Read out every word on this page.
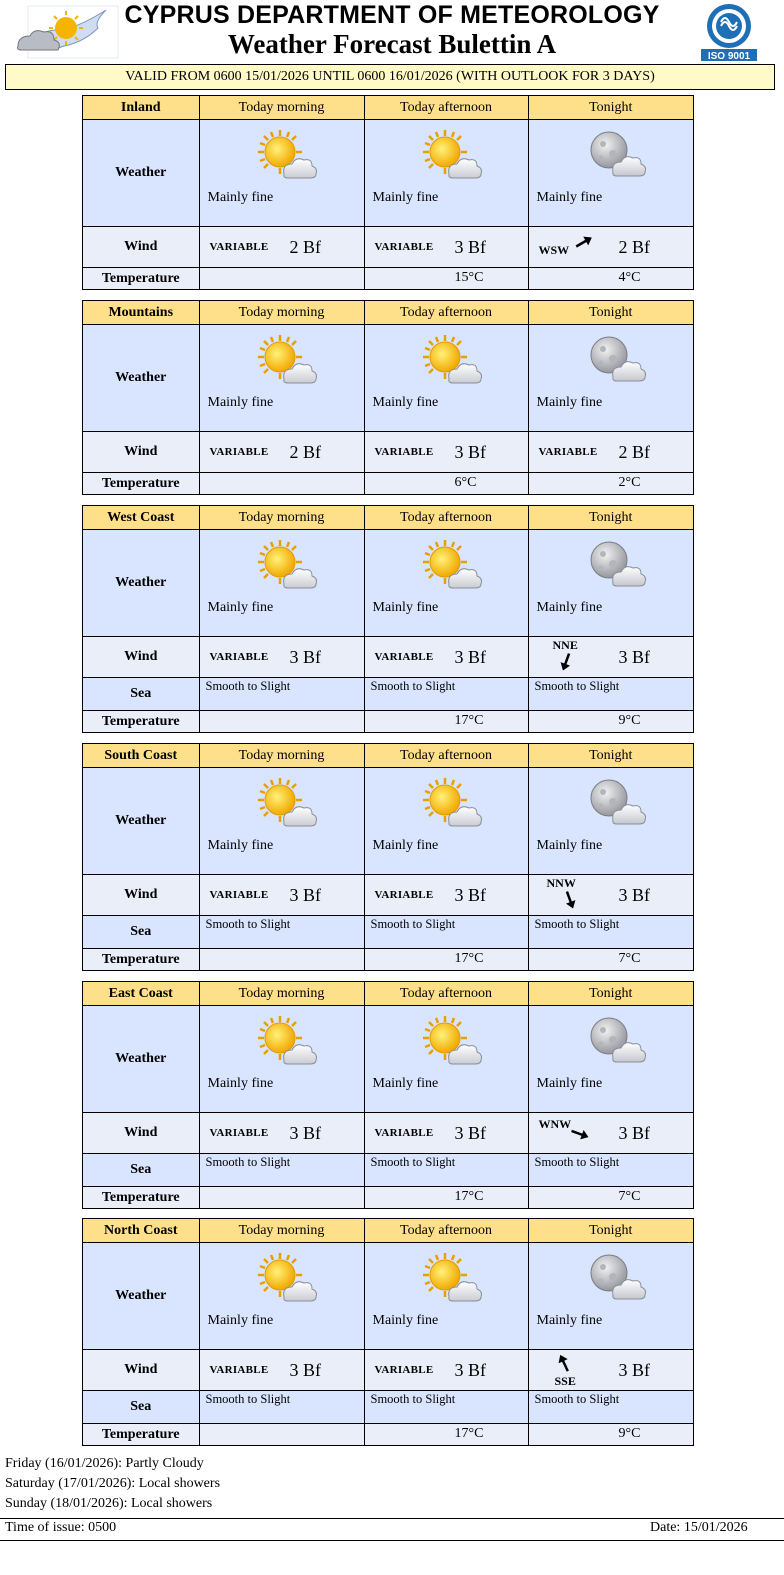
CYPRUS DEPARTMENT OF METEOROLOGY
Weather Forecast Bulettin A	ISO 9001
VALID FROM 0600 15/01/2026 UNTIL 0600 16/01/2026 (WITH OUTLOOK FOR 3 DAYS)
Inland	Today morning	Today afternoon	Tonight
Weather	Mainly fine	Mainly fine	Mainly fine

Wind	VARIABLE 2 Bf	VARIABLE 3 Bf	WSW 2 Bf

Temperature		15°C	4°C
Mountains	Today morning	Today afternoon	Tonight
Weather	Mainly fine	Mainly fine	Mainly fine

Wind	VARIABLE 2 Bf	VARIABLE 3 Bf	VARIABLE 2 Bf

Temperature		6°C	2°C
West Coast	Today morning	Today afternoon	Tonight
Weather	Mainly fine	Mainly fine	Mainly fine

Wind	VARIABLE 3 Bf	VARIABLE 3 Bf	NNE
3 Bf

Sea	Smooth to Slight	Smooth to Slight	Smooth to Slight

Temperature		17°C	9°C
South Coast	Today morning	Today afternoon	Tonight
Weather	Mainly fine	Mainly fine	Mainly fine

Wind	VARIABLE 3 Bf	VARIABLE 3 Bf	NNW
3 Bf

Sea	Smooth to Slight	Smooth to Slight	Smooth to Slight

Temperature		17°C	7°C
East Coast	Today morning	Today afternoon	Tonight
Weather	Mainly fine	Mainly fine	Mainly fine

Wind	VARIABLE 3 Bf	VARIABLE 3 Bf	WNW 3 Bf

Sea	Smooth to Slight	Smooth to Slight	Smooth to Slight

Temperature		17°C	7°C
North Coast	Today morning	Today afternoon	Tonight
Weather	Mainly fine	Mainly fine	Mainly fine

Wind	VARIABLE 3 Bf	VARIABLE 3 Bf	SSE
3 Bf

Sea	Smooth to Slight	Smooth to Slight	Smooth to Slight

Temperature		17°C	9°C
Friday (16/01/2026): Partly Cloudy
Saturday (17/01/2026): Local showers
Sunday (18/01/2026): Local showers
Time of issue: 0500	Date: 15/01/2026
